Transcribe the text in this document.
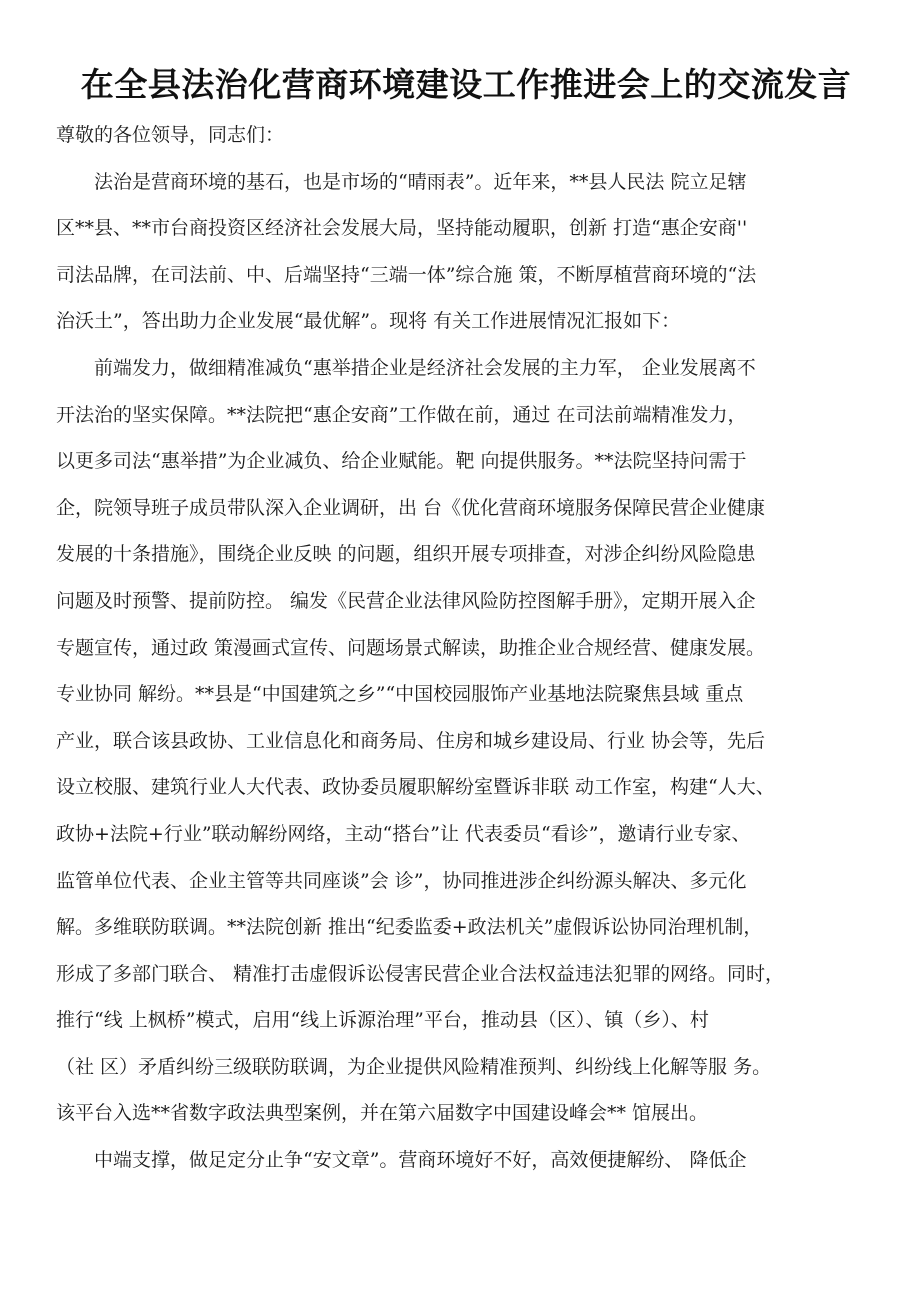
在全县法治化营商环境建设工作推进会上的交流发言
尊敬的各位领导，同志们：
　　法治是营商环境的基石，也是市场的“晴雨表”。近年来，**县人民法 院立足辖
区**县、**市台商投资区经济社会发展大局，坚持能动履职，创新 打造“惠企安商''
司法品牌，在司法前、中、后端坚持“三端一体”综合施 策，不断厚植营商环境的“法
治沃土”，答出助力企业发展“最优解”。现将 有关工作进展情况汇报如下：
　　前端发力，做细精准减负“惠举措企业是经济社会发展的主力军， 企业发展离不
开法治的坚实保障。**法院把“惠企安商”工作做在前，通过 在司法前端精准发力，
以更多司法“惠举措”为企业减负、给企业赋能。靶 向提供服务。**法院坚持问需于
企，院领导班子成员带队深入企业调研，出 台《优化营商环境服务保障民营企业健康
发展的十条措施》，围绕企业反映 的问题，组织开展专项排查，对涉企纠纷风险隐患
问题及时预警、提前防控。 编发《民营企业法律风险防控图解手册》，定期开展入企
专题宣传，通过政 策漫画式宣传、问题场景式解读，助推企业合规经营、健康发展。
专业协同 解纷。**县是“中国建筑之乡”“中国校园服饰产业基地法院聚焦县域 重点
产业，联合该县政协、工业信息化和商务局、住房和城乡建设局、行业 协会等，先后
设立校服、建筑行业人大代表、政协委员履职解纷室暨诉非联 动工作室，构建“人大、
政协+法院+行业”联动解纷网络，主动“搭台”让 代表委员“看诊”，邀请行业专家、
监管单位代表、企业主管等共同座谈”会 诊”，协同推进涉企纠纷源头解决、多元化
解。多维联防联调。**法院创新 推出“纪委监委+政法机关”虚假诉讼协同治理机制，
形成了多部门联合、 精准打击虚假诉讼侵害民营企业合法权益违法犯罪的网络。同时，
推行“线 上枫桥”模式，启用“线上诉源治理”平台，推动县（区）、镇（乡）、村
（社 区）矛盾纠纷三级联防联调，为企业提供风险精准预判、纠纷线上化解等服 务。
该平台入选**省数字政法典型案例，并在第六届数字中国建设峰会** 馆展出。
　　中端支撑，做足定分止争“安文章”。营商环境好不好，高效便捷解纷、 降低企
